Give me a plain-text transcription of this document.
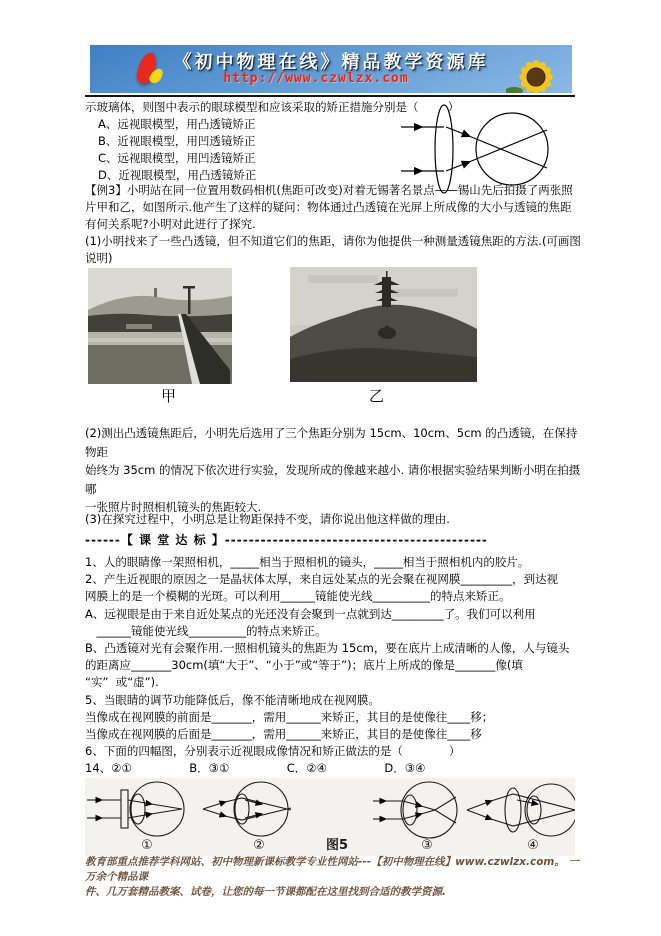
《初中物理在线》精品教学资源库
http://www.czwlzx.com
示玻璃体，则图中表示的眼球模型和应该采取的矫正措施分别是（        ）
A、远视眼模型，用凸透镜矫正
B、近视眼模型，用凹透镜矫正
C、远视眼模型，用凹透镜矫正
D、近视眼模型，用凸透镜矫正
【例3】小明站在同一位置用数码相机(焦距可改变)对着无锡著名景点——锡山先后拍摄了两张照
片甲和乙，如图所示.他产生了这样的疑问：物体通过凸透镜在光屏上所成像的大小与透镜的焦距
有何关系呢?小明对此进行了探究.
(1)小明找来了一些凸透镜，但不知道它们的焦距，请你为他提供一种测量透镜焦距的方法.(可画图
说明)
甲	乙
(2)测出凸透镜焦距后，小明先后选用了三个焦距分别为 15cm、10cm、5cm 的凸透镜，在保持物距
始终为 35cm 的情况下依次进行实验，发现所成的像越来越小. 请你根据实验结果判断小明在拍摄哪
一张照片时照相机镜头的焦距较大.
(3)在探究过程中，小明总是让物距保持不变，请你说出他这样做的理由.
------【 课 堂 达 标 】--------------------------------------------
1、人的眼睛像一架照相机，_____相当于照相机的镜头，_____相当于照相机内的胶片。
2、产生近视眼的原因之一是晶状体太厚，来自远处某点的光会聚在视网膜_________，到达视
网膜上的是一个模糊的光斑。可以利用______镜能使光线__________的特点来矫正。
A、远视眼是由于来自近处某点的光还没有会聚到一点就到达_________了。我们可以利用
　______镜能使光线__________的特点来矫正。
B、凸透镜对光有会聚作用.一照相机镜头的焦距为 15cm，要在底片上成清晰的人像，人与镜头
的距离应_______30cm(填“大于”、“小于”或“等于”)；底片上所成的像是_______像(填
“实”  或“虚”).
5、当眼睛的调节功能降低后，像不能清晰地成在视网膜。
当像成在视网膜的前面是_______，需用______来矫正，其目的是使像往____移；
当像成在视网膜的后面是_______，需用______来矫正，其目的是使像往____移
6、下面的四幅图，分别表示近视眼成像情况和矫正做法的是（　　　　）
14、②①　　　　　B．③①　　　　　C．②④　　　　　D．③④
①	②	图5	③	④
教育部重点推荐学科网站、初中物理新课标教学专业性网站---【初中物理在线】www.czwlzx.com。 一万余个精品课
件、几万套精品教案、试卷，让您的每一节课都配在这里找到合适的教学资源.
